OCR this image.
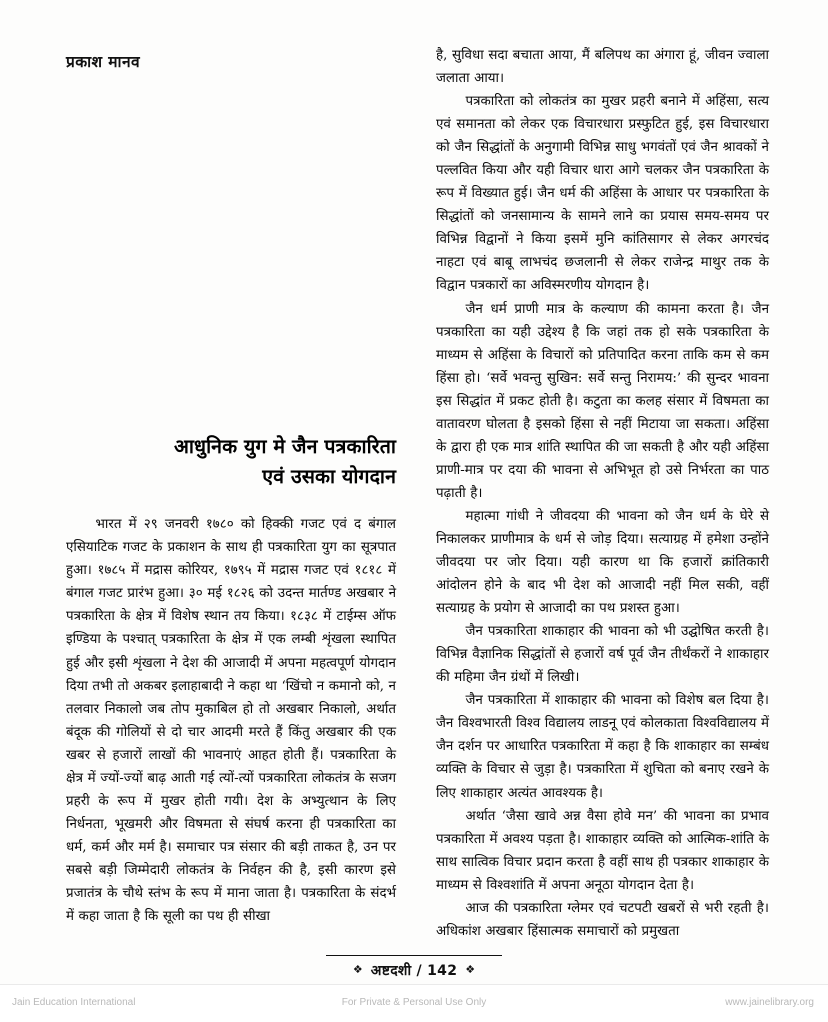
प्रकाश मानव
आधुनिक युग मे जैन पत्रकारिता
एवं उसका योगदान

भारत में २९ जनवरी १७८० को हिक्की गजट एवं द बंगाल एसियाटिक गजट के प्रकाशन के साथ ही पत्रकारिता युग का सूत्रपात हुआ। १७८५ में मद्रास कोरियर, १७९५ में मद्रास गजट एवं १८१८ में बंगाल गजट प्रारंभ हुआ। ३० मई १८२६ को उदन्त मार्तण्ड अखबार ने पत्रकारिता के क्षेत्र में विशेष स्थान तय किया। १८३८ में टाईम्स ऑफ इण्डिया के पश्चात् पत्रकारिता के क्षेत्र में एक लम्बी शृंखला स्थापित हुई और इसी शृंखला ने देश की आजादी में अपना महत्वपूर्ण योगदान दिया तभी तो अकबर इलाहाबादी ने कहा था ‘खिंचो न कमानो को, न तलवार निकालो जब तोप मुकाबिल हो तो अखबार निकालो, अर्थात बंदूक की गोलियों से दो चार आदमी मरते हैं किंतु अखबार की एक खबर से हजारों लाखों की भावनाएं आहत होती हैं। पत्रकारिता के क्षेत्र में ज्यों-ज्यों बाढ़ आती गई त्यों-त्यों पत्रकारिता लोकतंत्र के सजग प्रहरी के रूप में मुखर होती गयी। देश के अभ्युत्थान के लिए निर्धनता, भूखमरी और विषमता से संघर्ष करना ही पत्रकारिता का धर्म, कर्म और मर्म है। समाचार पत्र संसार की बड़ी ताकत है, उन पर सबसे बड़ी जिम्मेदारी लोकतंत्र के निर्वहन की है, इसी कारण इसे प्रजातंत्र के चौथे स्तंभ के रूप में माना जाता है। पत्रकारिता के संदर्भ में कहा जाता है कि सूली का पथ ही सीखा

है, सुविधा सदा बचाता आया, मैं बलिपथ का अंगारा हूं, जीवन ज्वाला जलाता आया।

पत्रकारिता को लोकतंत्र का मुखर प्रहरी बनाने में अहिंसा, सत्य एवं समानता को लेकर एक विचारधारा प्रस्फुटित हुई, इस विचारधारा को जैन सिद्धांतों के अनुगामी विभिन्न साधु भगवंतों एवं जैन श्रावकों ने पल्लवित किया और यही विचार धारा आगे चलकर जैन पत्रकारिता के रूप में विख्यात हुई। जैन धर्म की अहिंसा के आधार पर पत्रकारिता के सिद्धांतों को जनसामान्य के सामने लाने का प्रयास समय-समय पर विभिन्न विद्वानों ने किया इसमें मुनि कांतिसागर से लेकर अगरचंद नाहटा एवं बाबू लाभचंद छजलानी से लेकर राजेन्द्र माथुर तक के विद्वान पत्रकारों का अविस्मरणीय योगदान है।

जैन धर्म प्राणी मात्र के कल्याण की कामना करता है। जैन पत्रकारिता का यही उद्देश्य है कि जहां तक हो सके पत्रकारिता के माध्यम से अहिंसा के विचारों को प्रतिपादित करना ताकि कम से कम हिंसा हो। ‘सर्वे भवन्तु सुखिन: सर्वे सन्तु निरामय:’ की सुन्दर भावना इस सिद्धांत में प्रकट होती है। कटुता का कलह संसार में विषमता का वातावरण घोलता है इसको हिंसा से नहीं मिटाया जा सकता। अहिंसा के द्वारा ही एक मात्र शांति स्थापित की जा सकती है और यही अहिंसा प्राणी-मात्र पर दया की भावना से अभिभूत हो उसे निर्भरता का पाठ पढ़ाती है।

महात्मा गांधी ने जीवदया की भावना को जैन धर्म के घेरे से निकालकर प्राणीमात्र के धर्म से जोड़ दिया। सत्याग्रह में हमेशा उन्होंने जीवदया पर जोर दिया। यही कारण था कि हजारों क्रांतिकारी आंदोलन होने के बाद भी देश को आजादी नहीं मिल सकी, वहीं सत्याग्रह के प्रयोग से आजादी का पथ प्रशस्त हुआ।

जैन पत्रकारिता शाकाहार की भावना को भी उद्घोषित करती है। विभिन्न वैज्ञानिक सिद्धांतों से हजारों वर्ष पूर्व जैन तीर्थंकरों ने शाकाहार की महिमा जैन ग्रंथों में लिखी।

जैन पत्रकारिता में शाकाहार की भावना को विशेष बल दिया है। जैन विश्वभारती विश्व विद्यालय लाडनू एवं कोलकाता विश्वविद्यालय में जैन दर्शन पर आधारित पत्रकारिता में कहा है कि शाकाहार का सम्बंध व्यक्ति के विचार से जुड़ा है। पत्रकारिता में शुचिता को बनाए रखने के लिए शाकाहार अत्यंत आवश्यक है।

अर्थात ‘जैसा खावे अन्न वैसा होवे मन’ की भावना का प्रभाव पत्रकारिता में अवश्य पड़ता है। शाकाहार व्यक्ति को आत्मिक-शांति के साथ सात्विक विचार प्रदान करता है वहीं साथ ही पत्रकार शाकाहार के माध्यम से विश्वशांति में अपना अनूठा योगदान देता है।

आज की पत्रकारिता ग्लेमर एवं चटपटी खबरों से भरी रहती है। अधिकांश अखबार हिंसात्मक समाचारों को प्रमुखता

❖ अष्टदशी / 142 ❖
Jain Education International	For Private & Personal Use Only	www.jainelibrary.org
